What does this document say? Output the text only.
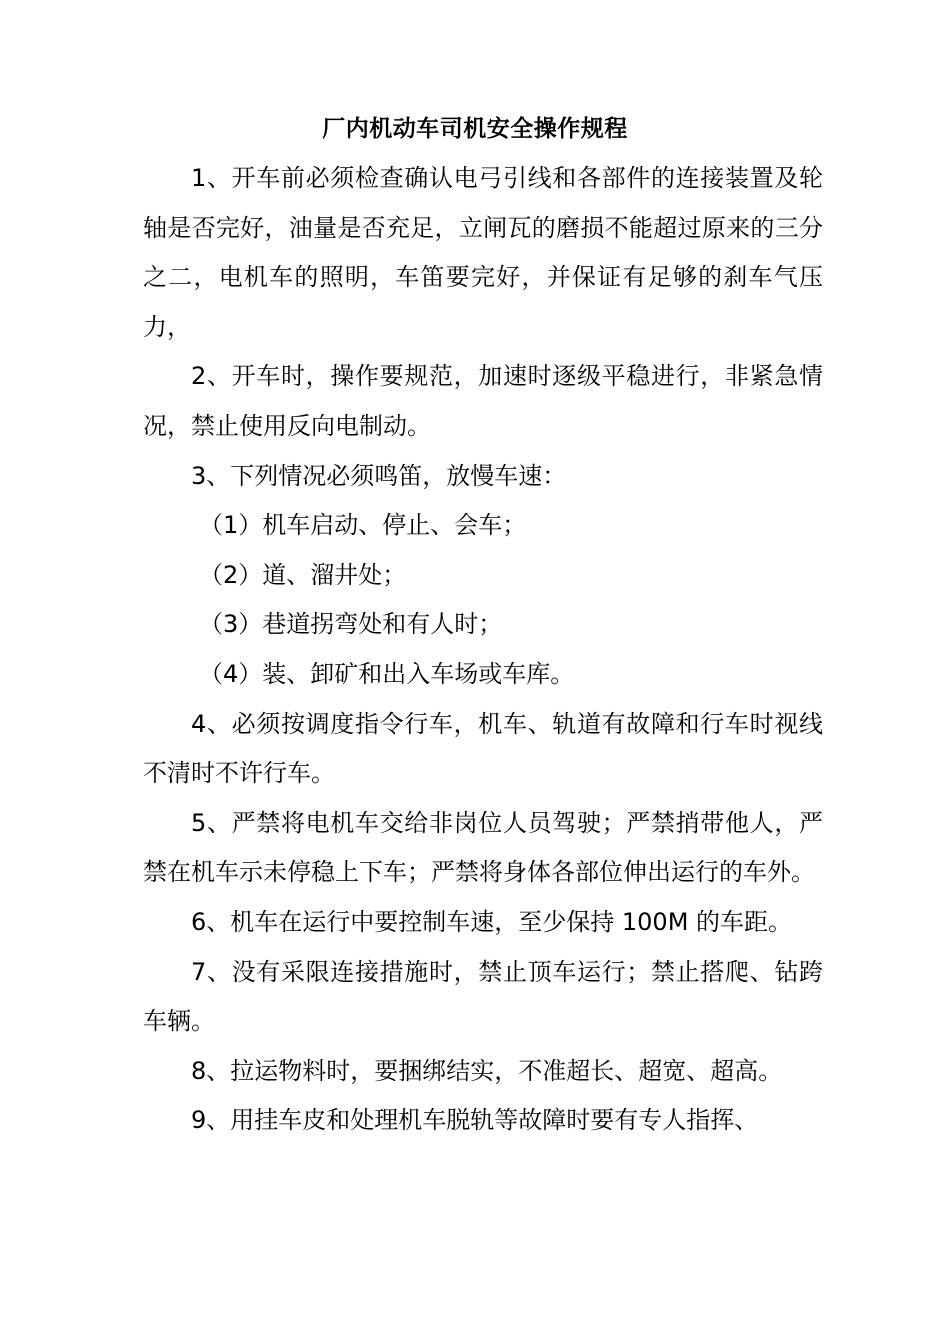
厂内机动车司机安全操作规程

1、开车前必须检查确认电弓引线和各部件的连接装置及轮轴是否完好，油量是否充足，立闸瓦的磨损不能超过原来的三分之二，电机车的照明，车笛要完好，并保证有足够的刹车气压力，

2、开车时，操作要规范，加速时逐级平稳进行，非紧急情况，禁止使用反向电制动。

3、下列情况必须鸣笛，放慢车速：

（1）机车启动、停止、会车；

（2）道、溜井处；

（3）巷道拐弯处和有人时；

（4）装、卸矿和出入车场或车库。

4、必须按调度指令行车，机车、轨道有故障和行车时视线不清时不许行车。

5、严禁将电机车交给非岗位人员驾驶；严禁捎带他人，严禁在机车示未停稳上下车；严禁将身体各部位伸出运行的车外。

6、机车在运行中要控制车速，至少保持 100M 的车距。

7、没有采限连接措施时，禁止顶车运行；禁止搭爬、钻跨车辆。

8、拉运物料时，要捆绑结实，不准超长、超宽、超高。

9、用挂车皮和处理机车脱轨等故障时要有专人指挥、
